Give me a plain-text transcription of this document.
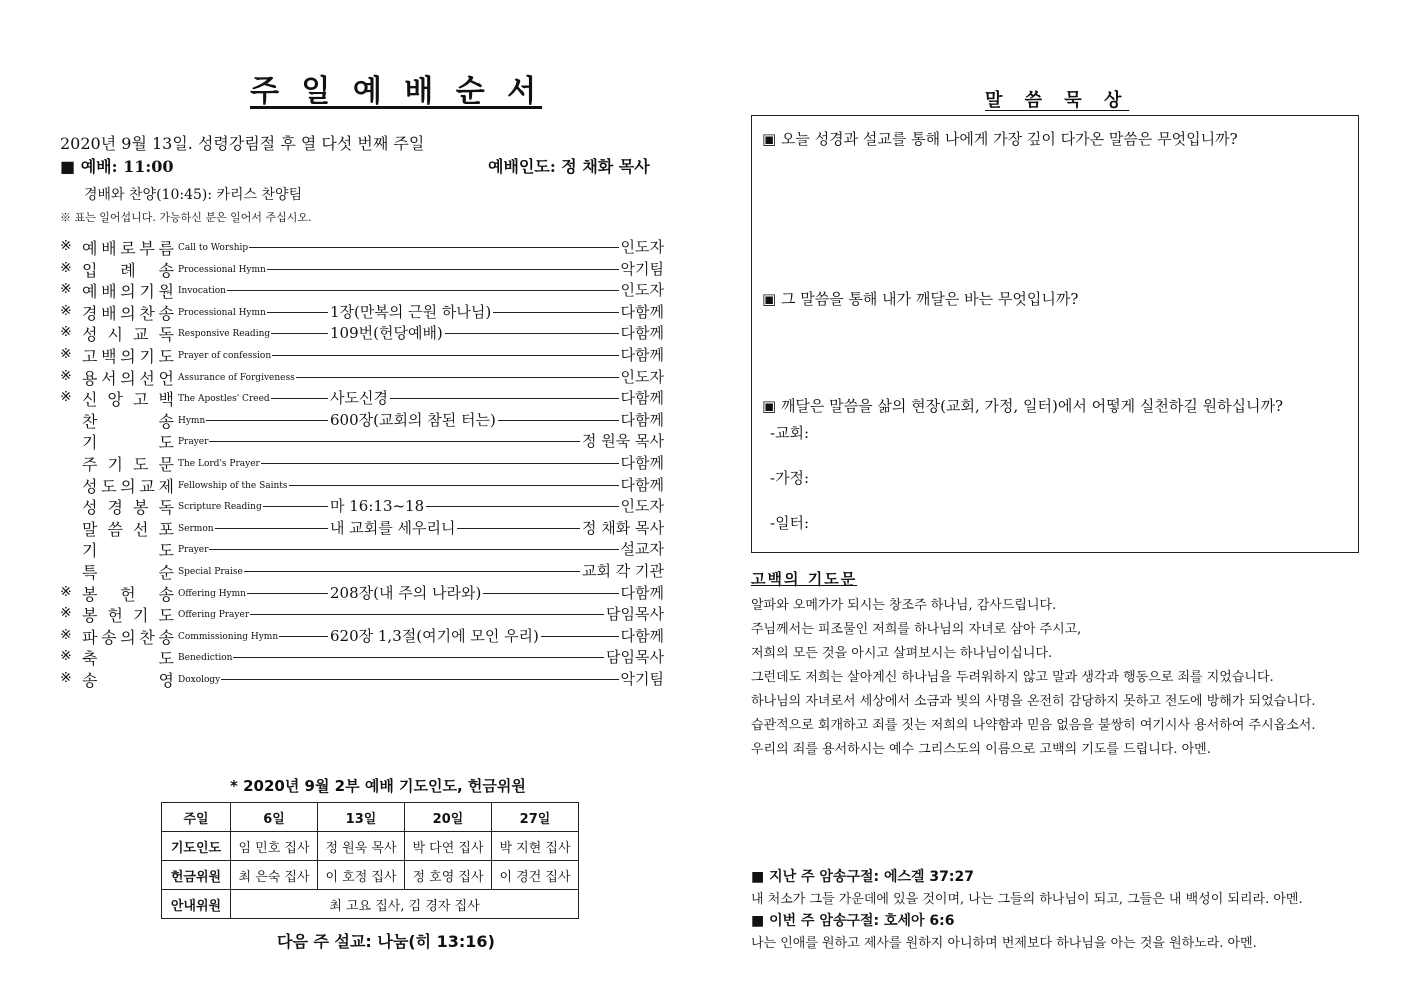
주 일 예 배 순 서
2020년 9월 13일. 성령강림절 후 열 다섯 번째 주일
■ 예배: 11:00	예배인도: 정 채화 목사
경배와 찬양(10:45): 카리스 찬양팀
※ 표는 일어섭니다. 가능하신 분은 일어서 주십시오.
※ 예 배 로 부 름 Call to Worship	인도자
※ 입 례 송 Processional Hymn	악기팀
※ 예 배 의 기 원 Invocation	인도자
※ 경 배 의 찬 송 Processional Hymn	1장(만복의 근원 하나님)	다함께
※ 성 시 교 독 Responsive Reading	109번(헌당예배)	다함께
※ 고 백 의 기 도 Prayer of confession	다함께
※ 용 서 의 선 언 Assurance of Forgiveness	인도자
※ 신 앙 고 백 The Apostles' Creed	사도신경	다함께
찬	송 Hymn	600장(교회의 참된 터는)	다함께
기	도 Prayer	정 원욱 목사
주 기 도 문 The Lord's Prayer	다함께
성 도 의 교 제 Fellowship of the Saints	다함께
성 경 봉 독 Scripture Reading	마 16:13~18	인도자
말 씀 선 포 Sermon	내 교회를 세우리니	정 채화 목사
기	도 Prayer	설교자
특	순 Special Praise	교회 각 기관
※ 봉 헌 송 Offering Hymn	208장(내 주의 나라와)	다함께
※ 봉 헌 기 도 Offering Prayer	담임목사
※ 파 송 의 찬 송 Commissioning Hymn	620장 1,3절(여기에 모인 우리)	다함께
※ 축	도 Benediction	담임목사
※ 송	영 Doxology	악기팀
* 2020년 9월 2부 예배 기도인도, 헌금위원
주일	6일	13일	20일	27일
기도인도	임 민호 집사	정 원욱 목사	박 다연 집사	박 지현 집사
헌금위원	최 은숙 집사	이 호정 집사	정 호영 집사	이 경건 집사
안내위원	최 고요 집사, 김 경자 집사			
다음 주 설교: 나눔(히 13:16)
말 씀 묵 상
▣ 오늘 성경과 설교를 통해 나에게 가장 깊이 다가온 말씀은 무엇입니까?
▣ 그 말씀을 통해 내가 깨달은 바는 무엇입니까?
▣ 깨달은 말씀을 삶의 현장(교회, 가정, 일터)에서 어떻게 실천하길 원하십니까?
-교회:
-가정:
-일터:
고백의 기도문
알파와 오메가가 되시는 창조주 하나님, 감사드립니다.
주님께서는 피조물인 저희를 하나님의 자녀로 삼아 주시고,
저희의 모든 것을 아시고 살펴보시는 하나님이십니다.
그런데도 저희는 살아계신 하나님을 두려워하지 않고 말과 생각과 행동으로 죄를 지었습니다.
하나님의 자녀로서 세상에서 소금과 빛의 사명을 온전히 감당하지 못하고 전도에 방해가 되었습니다.
습관적으로 회개하고 죄를 짓는 저희의 나약함과 믿음 없음을 불쌍히 여기시사 용서하여 주시옵소서.
우리의 죄를 용서하시는 예수 그리스도의 이름으로 고백의 기도를 드립니다. 아멘.
■ 지난 주 암송구절: 에스겔 37:27
내 처소가 그들 가운데에 있을 것이며, 나는 그들의 하나님이 되고, 그들은 내 백성이 되리라. 아멘.
■ 이번 주 암송구절: 호세아 6:6
나는 인애를 원하고 제사를 원하지 아니하며 번제보다 하나님을 아는 것을 원하노라. 아멘.
